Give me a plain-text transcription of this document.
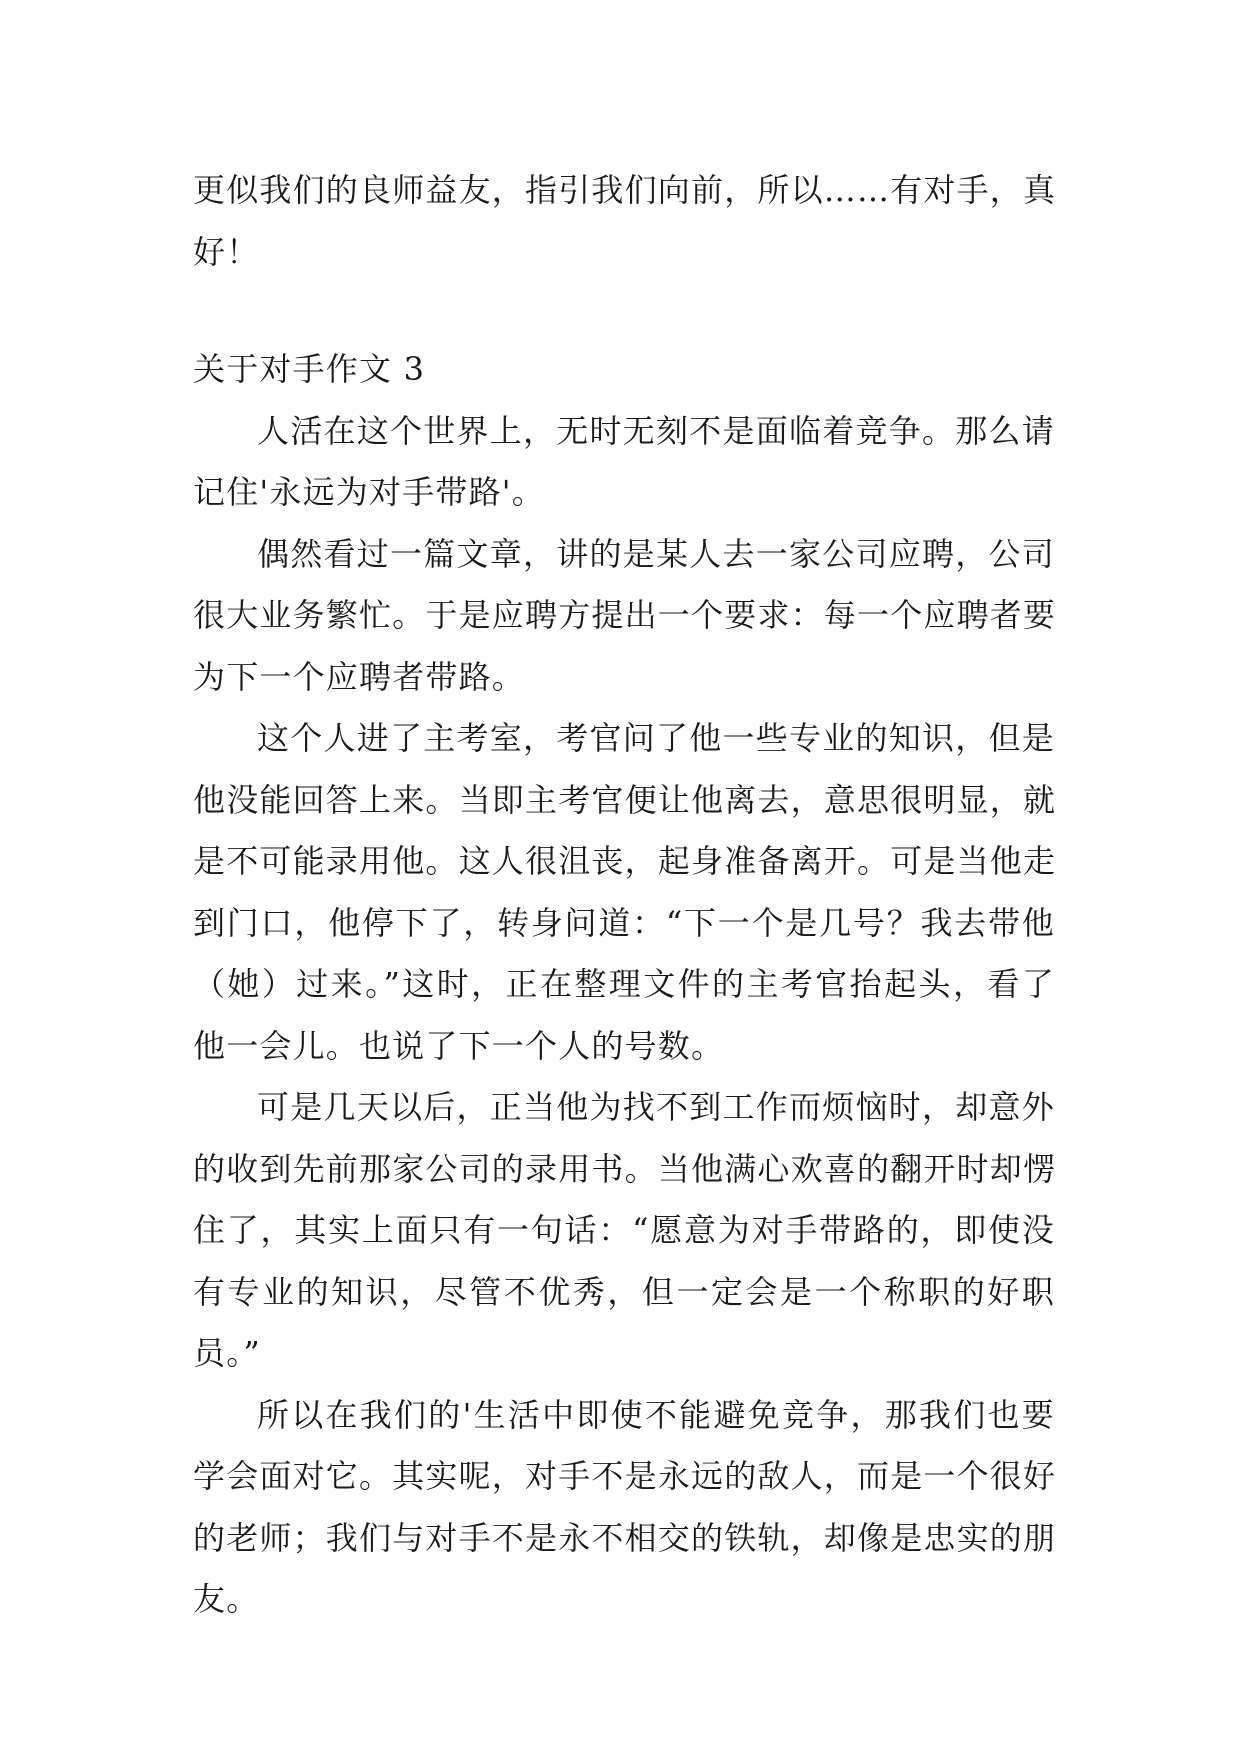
更似我们的良师益友，指引我们向前，所以……有对手，真
好！
关于对手作文 3
人活在这个世界上，无时无刻不是面临着竞争。那么请
记住'永远为对手带路'。
偶然看过一篇文章，讲的是某人去一家公司应聘，公司
很大业务繁忙。于是应聘方提出一个要求：每一个应聘者要
为下一个应聘者带路。
这个人进了主考室，考官问了他一些专业的知识，但是
他没能回答上来。当即主考官便让他离去，意思很明显，就
是不可能录用他。这人很沮丧，起身准备离开。可是当他走
到门口，他停下了，转身问道：“下一个是几号？我去带他
（她）过来。”这时，正在整理文件的主考官抬起头，看了
他一会儿。也说了下一个人的号数。
可是几天以后，正当他为找不到工作而烦恼时，却意外
的收到先前那家公司的录用书。当他满心欢喜的翻开时却愣
住了，其实上面只有一句话：“愿意为对手带路的，即使没
有专业的知识，尽管不优秀，但一定会是一个称职的好职
员。”
所以在我们的'生活中即使不能避免竞争，那我们也要
学会面对它。其实呢，对手不是永远的敌人，而是一个很好
的老师；我们与对手不是永不相交的铁轨，却像是忠实的朋
友。
